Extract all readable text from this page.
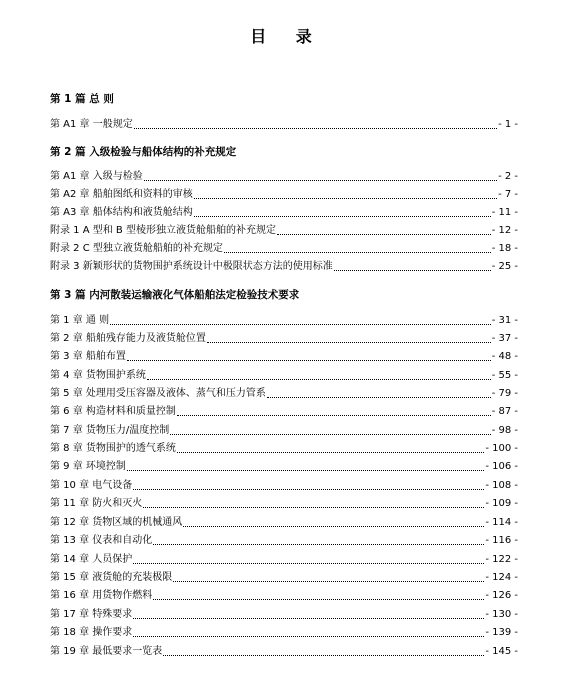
目 录
第 1 篇 总 则
第 A1 章 一般规定	- 1 -
第 2 篇 入级检验与船体结构的补充规定
第 A1 章 入级与检验	- 2 -
第 A2 章 船舶图纸和资料的审核	- 7 -
第 A3 章 船体结构和液货舱结构	- 11 -
附录 1 A 型和 B 型棱形独立液货舱船舶的补充规定	- 12 -
附录 2 C 型独立液货舱船舶的补充规定	- 18 -
附录 3 新颖形状的货物围护系统设计中极限状态方法的使用标准	- 25 -
第 3 篇 内河散装运输液化气体船舶法定检验技术要求
第 1 章 通 则	- 31 -
第 2 章 船舶残存能力及液货舱位置	- 37 -
第 3 章 船舶布置	- 48 -
第 4 章 货物围护系统	- 55 -
第 5 章 处理用受压容器及液体、蒸气和压力管系	- 79 -
第 6 章 构造材料和质量控制	- 87 -
第 7 章 货物压力/温度控制	- 98 -
第 8 章 货物围护的透气系统	- 100 -
第 9 章 环境控制	- 106 -
第 10 章 电气设备	- 108 -
第 11 章 防火和灭火	- 109 -
第 12 章 货物区域的机械通风	- 114 -
第 13 章 仪表和自动化	- 116 -
第 14 章 人员保护	- 122 -
第 15 章 液货舱的充装极限	- 124 -
第 16 章 用货物作燃料	- 126 -
第 17 章 特殊要求	- 130 -
第 18 章 操作要求	- 139 -
第 19 章 最低要求一览表	- 145 -
